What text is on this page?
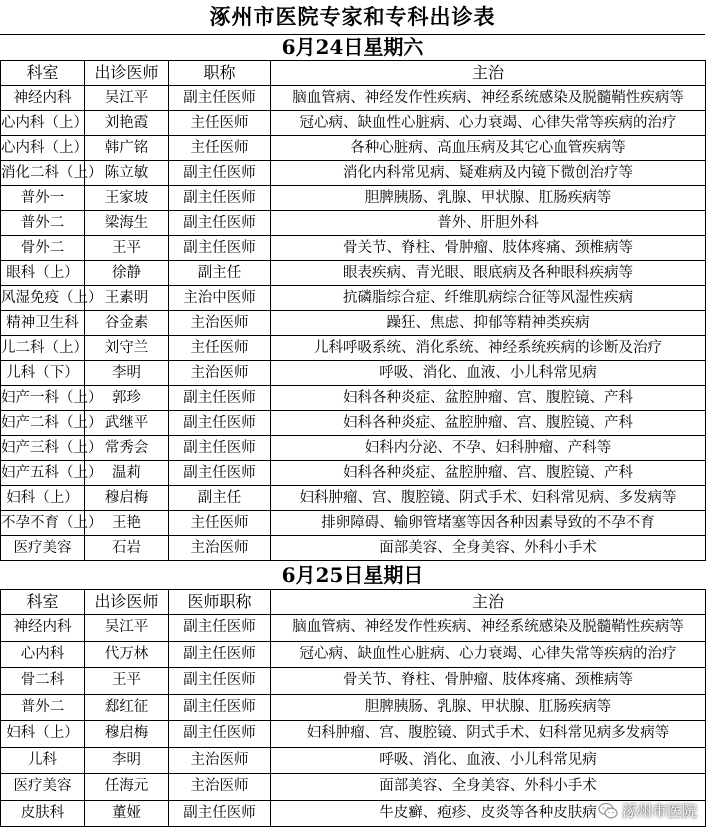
涿州市医院专家和专科出诊表
6月24日星期六
科室	出诊医师	职称	主治
神经内科	吴江平	副主任医师	脑血管病、神经发作性疾病、神经系统感染及脱髓鞘性疾病等
心内科（上）	刘艳霞	主任医师	冠心病、缺血性心脏病、心力衰竭、心律失常等疾病的治疗
心内科（上）	韩广铭	主任医师	各种心脏病、高血压病及其它心血管疾病等
消化二科（上）	陈立敏	副主任医师	消化内科常见病、疑难病及内镜下微创治疗等
普外一	王家坡	副主任医师	胆脾胰肠、乳腺、甲状腺、肛肠疾病等
普外二	梁海生	副主任医师	普外、肝胆外科
骨外二	王平	副主任医师	骨关节、脊柱、骨肿瘤、肢体疼痛、颈椎病等
眼科（上）	徐静	副主任	眼表疾病、青光眼、眼底病及各种眼科疾病等
风湿免疫（上）	王素明	主治中医师	抗磷脂综合症、纤维肌病综合征等风湿性疾病
精神卫生科	谷金素	主治医师	躁狂、焦虑、抑郁等精神类疾病
儿二科（上）	刘守兰	主任医师	儿科呼吸系统、消化系统、神经系统疾病的诊断及治疗
儿科（下）	李明	主治医师	呼吸、消化、血液、小儿科常见病
妇产一科（上）	郭珍	副主任医师	妇科各种炎症、盆腔肿瘤、宫、腹腔镜、产科
妇产二科（上）	武继平	副主任医师	妇科各种炎症、盆腔肿瘤、宫、腹腔镜、产科
妇产三科（上）	常秀会	副主任医师	妇科内分泌、不孕、妇科肿瘤、产科等
妇产五科（上）	温莉	副主任医师	妇科各种炎症、盆腔肿瘤、宫、腹腔镜、产科
妇科（上）	穆启梅	副主任	妇科肿瘤、宫、腹腔镜、阴式手术、妇科常见病、多发病等
不孕不育（上）	王艳	主任医师	排卵障碍、输卵管堵塞等因各种因素导致的不孕不育
医疗美容	石岩	主治医师	面部美容、全身美容、外科小手术
6月25日星期日
科室	出诊医师	医师职称	主治
神经内科	吴江平	副主任医师	脑血管病、神经发作性疾病、神经系统感染及脱髓鞘性疾病等
心内科	代万林	副主任医师	冠心病、缺血性心脏病、心力衰竭、心律失常等疾病的治疗
骨二科	王平	副主任医师	骨关节、脊柱、骨肿瘤、肢体疼痛、颈椎病等
普外二	郄红征	副主任医师	胆脾胰肠、乳腺、甲状腺、肛肠疾病等
妇科（上）	穆启梅	副主任医师	妇科肿瘤、宫、腹腔镜、阴式手术、妇科常见病多发病等
儿科	李明	主治医师	呼吸、消化、血液、小儿科常见病
医疗美容	任海元	主治医师	面部美容、全身美容、外科小手术
皮肤科	董娅	副主任医师	牛皮癣、疱疹、皮炎等各种皮肤病 涿州市医院
